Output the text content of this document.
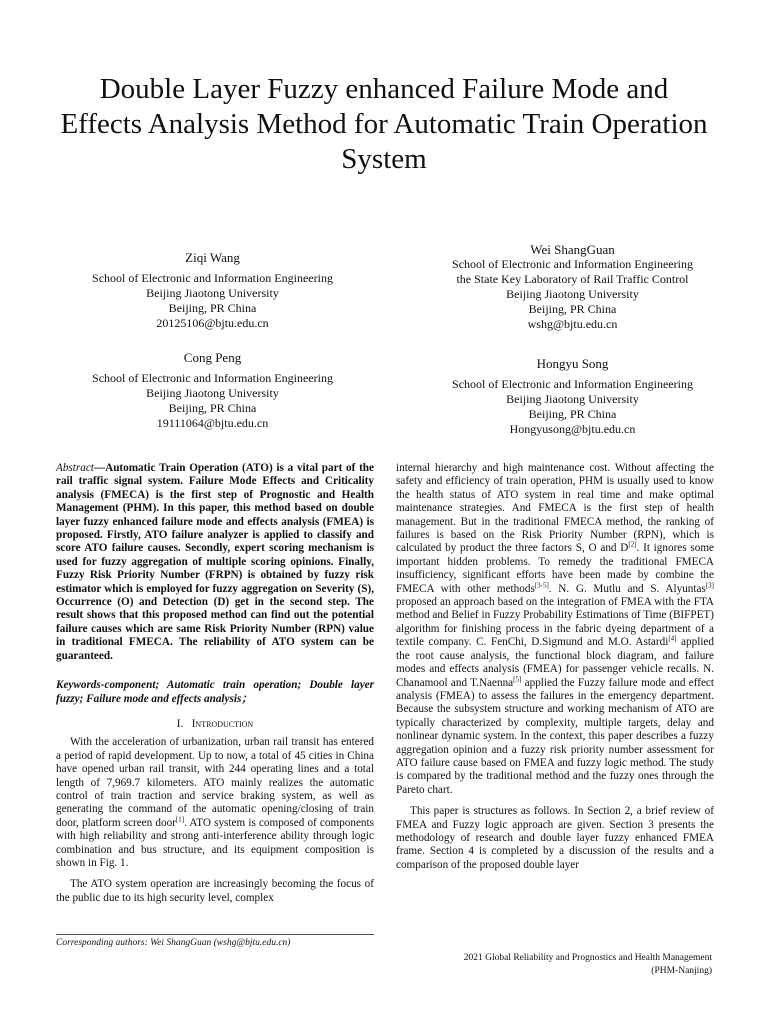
Double Layer Fuzzy enhanced Failure Mode and Effects Analysis Method for Automatic Train Operation System
Ziqi Wang
School of Electronic and Information Engineering
Beijing Jiaotong University
Beijing, PR China
20125106@bjtu.edu.cn
Wei ShangGuan
School of Electronic and Information Engineering
the State Key Laboratory of Rail Traffic Control
Beijing Jiaotong University
Beijing, PR China
wshg@bjtu.edu.cn
Cong Peng
School of Electronic and Information Engineering
Beijing Jiaotong University
Beijing, PR China
19111064@bjtu.edu.cn
Hongyu Song
School of Electronic and Information Engineering
Beijing Jiaotong University
Beijing, PR China
Hongyusong@bjtu.edu.cn

Abstract—Automatic Train Operation (ATO) is a vital part of the rail traffic signal system. Failure Mode Effects and Criticality analysis (FMECA) is the first step of Prognostic and Health Management (PHM). In this paper, this method based on double layer fuzzy enhanced failure mode and effects analysis (FMEA) is proposed. Firstly, ATO failure analyzer is applied to classify and score ATO failure causes. Secondly, expert scoring mechanism is used for fuzzy aggregation of multiple scoring opinions. Finally, Fuzzy Risk Priority Number (FRPN) is obtained by fuzzy risk estimator which is employed for fuzzy aggregation on Severity (S), Occurrence (O) and Detection (D) get in the second step. The result shows that this proposed method can find out the potential failure causes which are same Risk Priority Number (RPN) value in traditional FMECA. The reliability of ATO system can be guaranteed.

Keywords-component; Automatic train operation; Double layer fuzzy; Failure mode and effects analysis；

I. Introduction

With the acceleration of urbanization, urban rail transit has entered a period of rapid development. Up to now, a total of 45 cities in China have opened urban rail transit, with 244 operating lines and a total length of 7,969.7 kilometers. ATO mainly realizes the automatic control of train traction and service braking system, as well as generating the command of the automatic opening/closing of train door, platform screen door[1]. ATO system is composed of components with high reliability and strong anti-interference ability through logic combination and bus structure, and its equipment composition is shown in Fig. 1.

The ATO system operation are increasingly becoming the focus of the public due to its high security level, complex

internal hierarchy and high maintenance cost. Without affecting the safety and efficiency of train operation, PHM is usually used to know the health status of ATO system in real time and make optimal maintenance strategies. And FMECA is the first step of health management. But in the traditional FMECA method, the ranking of failures is based on the Risk Priority Number (RPN), which is calculated by product the three factors S, O and D[2]. It ignores some important hidden problems. To remedy the traditional FMECA insufficiency, significant efforts have been made by combine the FMECA with other methods[3-5]. N. G. Mutlu and S. Alyuntas[3] proposed an approach based on the integration of FMEA with the FTA method and Belief in Fuzzy Probability Estimations of Time (BIFPET) algorithm for finishing process in the fabric dyeing department of a textile company. C. FenChi, D.Sigmund and M.O. Astardi[4] applied the root cause analysis, the functional block diagram, and failure modes and effects analysis (FMEA) for passenger vehicle recalls. N. Chanamool and T.Naenna[5] applied the Fuzzy failure mode and effect analysis (FMEA) to assess the failures in the emergency department. Because the subsystem structure and working mechanism of ATO are typically characterized by complexity, multiple targets, delay and nonlinear dynamic system. In the context, this paper describes a fuzzy aggregation opinion and a fuzzy risk priority number assessment for ATO failure cause based on FMEA and fuzzy logic method. The study is compared by the traditional method and the fuzzy ones through the Pareto chart.

This paper is structures as follows. In Section 2, a brief review of FMEA and Fuzzy logic approach are given. Section 3 presents the methodology of research and double layer fuzzy enhanced FMEA frame. Section 4 is completed by a discussion of the results and a comparison of the proposed double layer

Corresponding authors: Wei ShangGuan (wshg@bjtu.edu.cn)
2021 Global Reliability and Prognostics and Health Management
(PHM-Nanjing)
